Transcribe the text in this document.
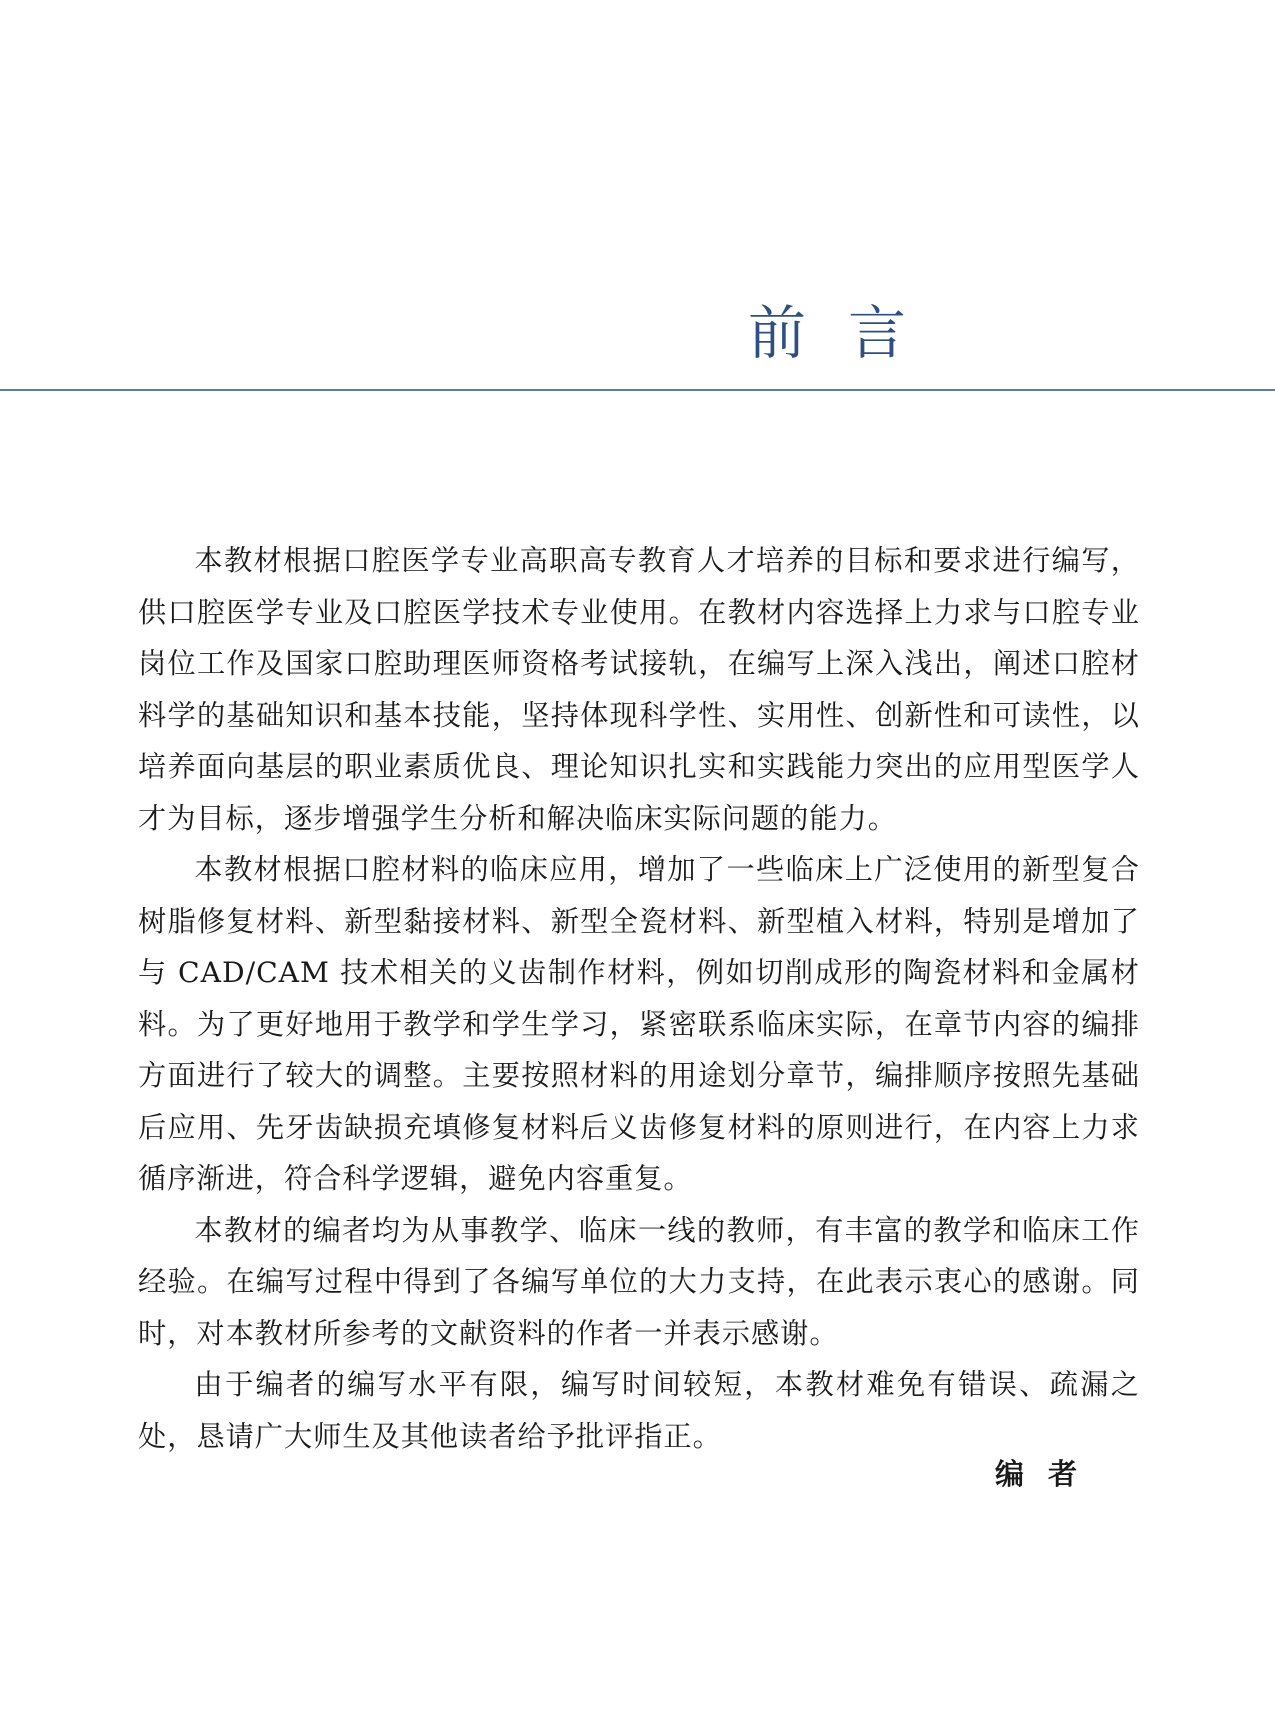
前言

本教材根据口腔医学专业高职高专教育人才培养的目标和要求进行编写，供口腔医学专业及口腔医学技术专业使用。在教材内容选择上力求与口腔专业岗位工作及国家口腔助理医师资格考试接轨，在编写上深入浅出，阐述口腔材料学的基础知识和基本技能，坚持体现科学性、实用性、创新性和可读性，以培养面向基层的职业素质优良、理论知识扎实和实践能力突出的应用型医学人才为目标，逐步增强学生分析和解决临床实际问题的能力。

本教材根据口腔材料的临床应用，增加了一些临床上广泛使用的新型复合树脂修复材料、新型黏接材料、新型全瓷材料、新型植入材料，特别是增加了与 CAD/CAM 技术相关的义齿制作材料，例如切削成形的陶瓷材料和金属材料。为了更好地用于教学和学生学习，紧密联系临床实际，在章节内容的编排方面进行了较大的调整。主要按照材料的用途划分章节，编排顺序按照先基础后应用、先牙齿缺损充填修复材料后义齿修复材料的原则进行，在内容上力求循序渐进，符合科学逻辑，避免内容重复。

本教材的编者均为从事教学、临床一线的教师，有丰富的教学和临床工作经验。在编写过程中得到了各编写单位的大力支持，在此表示衷心的感谢。同时，对本教材所参考的文献资料的作者一并表示感谢。

由于编者的编写水平有限，编写时间较短，本教材难免有错误、疏漏之处，恳请广大师生及其他读者给予批评指正。

编者
